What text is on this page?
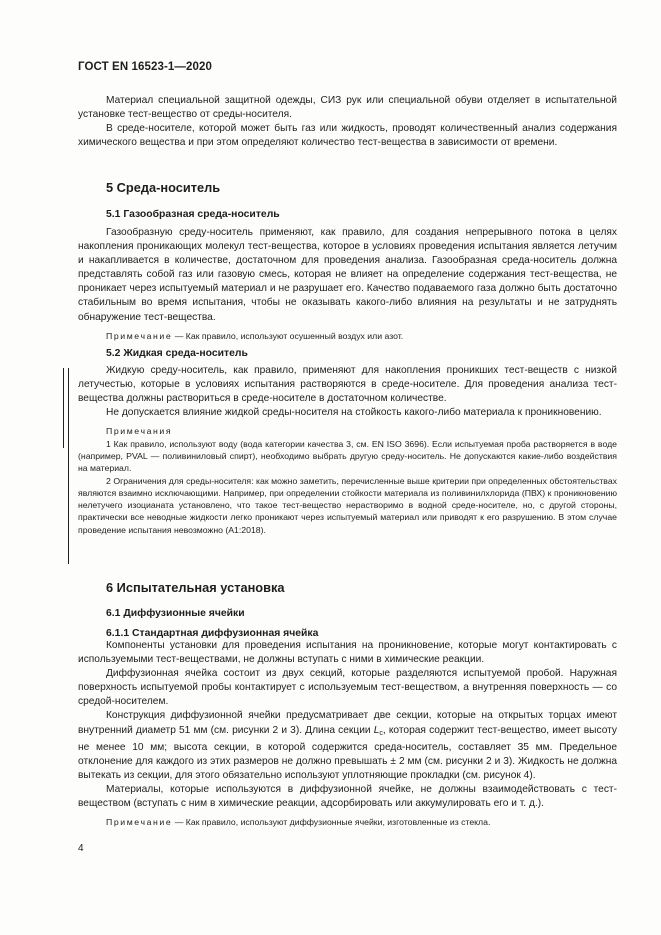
ГОСТ EN 16523-1—2020

Материал специальной защитной одежды, СИЗ рук или специальной обуви отделяет в испытательной установке тест-вещество от среды-носителя.

В среде-носителе, которой может быть газ или жидкость, проводят количественный анализ содержания химического вещества и при этом определяют количество тест-вещества в зависимости от времени.

5 Среда-носитель

5.1 Газообразная среда-носитель

Газообразную среду-носитель применяют, как правило, для создания непрерывного потока в целях накопления проникающих молекул тест-вещества, которое в условиях проведения испытания является летучим и накапливается в количестве, достаточном для проведения анализа. Газообразная среда-носитель должна представлять собой газ или газовую смесь, которая не влияет на определение содержания тест-вещества, не проникает через испытуемый материал и не разрушает его. Качество подаваемого газа должно быть достаточно стабильным во время испытания, чтобы не оказывать какого-либо влияния на результаты и не затруднять обнаружение тест-вещества.

Примечание — Как правило, используют осушенный воздух или азот.

5.2 Жидкая среда-носитель

Жидкую среду-носитель, как правило, применяют для накопления проникших тест-веществ с низкой летучестью, которые в условиях испытания растворяются в среде-носителе. Для проведения анализа тест-вещества должны раствориться в среде-носителе в достаточном количестве.

Не допускается влияние жидкой среды-носителя на стойкость какого-либо материала к проникновению.

Примечания

1 Как правило, используют воду (вода категории качества 3, см. EN ISO 3696). Если испытуемая проба растворяется в воде (например, PVAL — поливиниловый спирт), необходимо выбрать другую среду-носитель. Не допускаются какие-либо воздействия на материал.

2 Ограничения для среды-носителя: как можно заметить, перечисленные выше критерии при определенных обстоятельствах являются взаимно исключающими. Например, при определении стойкости материала из поливинилхлорида (ПВХ) к проникновению нелетучего изоцианата установлено, что такое тест-вещество нерастворимо в водной среде-носителе, но, с другой стороны, практически все неводные жидкости легко проникают через испытуемый материал или приводят к его разрушению. В этом случае проведение испытания невозможно (A1:2018).

6 Испытательная установка

6.1 Диффузионные ячейки

6.1.1 Стандартная диффузионная ячейка

Компоненты установки для проведения испытания на проникновение, которые могут контактировать с используемыми тест-веществами, не должны вступать с ними в химические реакции.

Диффузионная ячейка состоит из двух секций, которые разделяются испытуемой пробой. Наружная поверхность испытуемой пробы контактирует с используемым тест-веществом, а внутренняя поверхность — со средой-носителем.

Конструкция диффузионной ячейки предусматривает две секции, которые на открытых торцах имеют внутренний диаметр 51 мм (см. рисунки 2 и 3). Длина секции $L_c$, которая содержит тест-вещество, имеет высоту не менее 10 мм; высота секции, в которой содержится среда-носитель, составляет 35 мм. Предельное отклонение для каждого из этих размеров не должно превышать ± 2 мм (см. рисунки 2 и 3). Жидкость не должна вытекать из секции, для этого обязательно используют уплотняющие прокладки (см. рисунок 4).

Материалы, которые используются в диффузионной ячейке, не должны взаимодействовать с тест-веществом (вступать с ним в химические реакции, адсорбировать или аккумулировать его и т. д.).

Примечание — Как правило, используют диффузионные ячейки, изготовленные из стекла.

4
